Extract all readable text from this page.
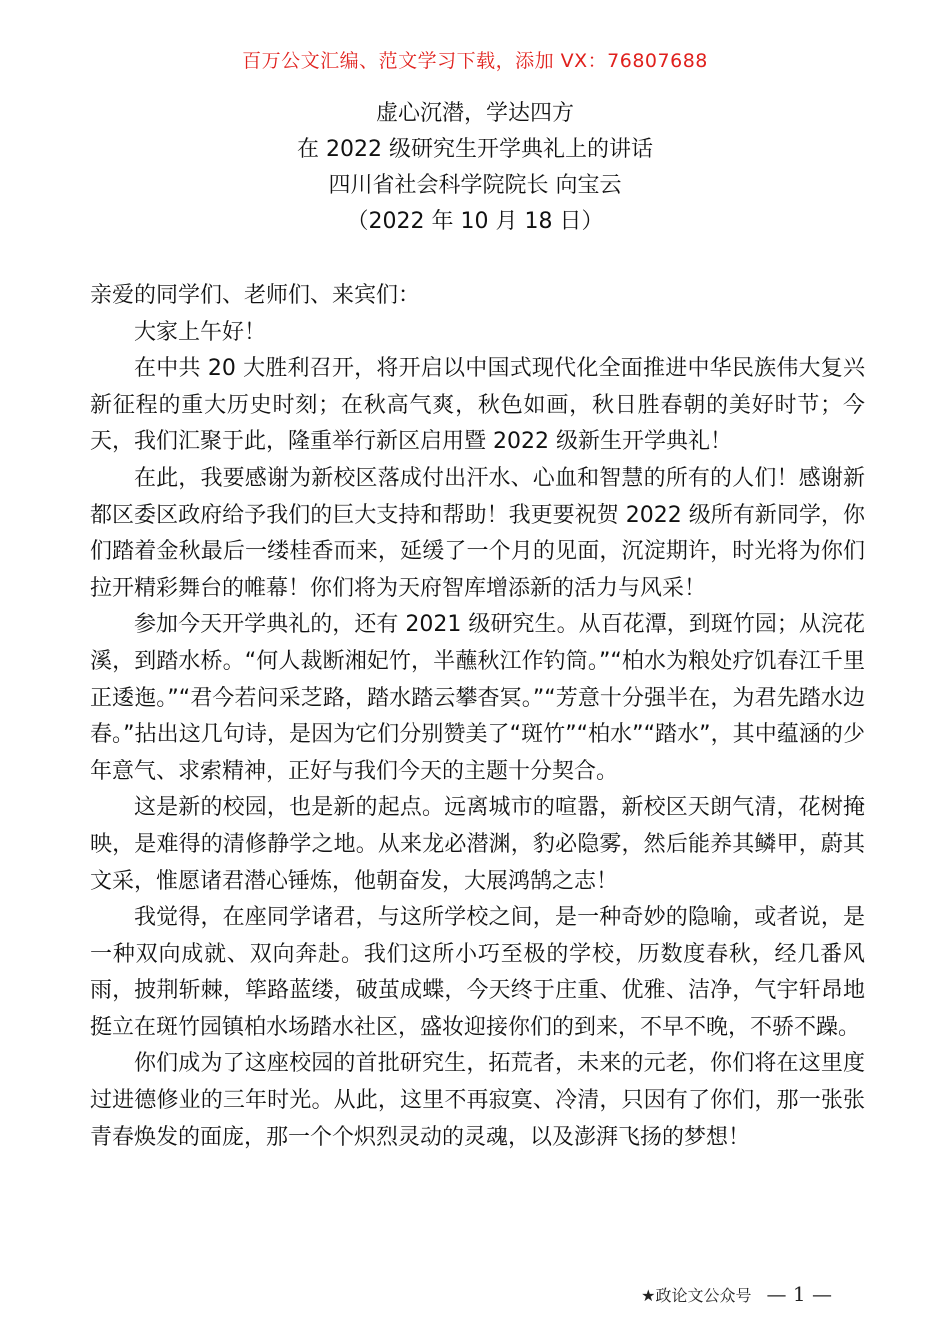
百万公文汇编、范文学习下载，添加 VX：76807688
虚心沉潜，学达四方
在 2022 级研究生开学典礼上的讲话
四川省社会科学院院长 向宝云
（2022 年 10 月 18 日）

亲爱的同学们、老师们、来宾们：

大家上午好！

在中共 20 大胜利召开，将开启以中国式现代化全面推进中华民族伟大复兴新征程的重大历史时刻；在秋高气爽，秋色如画，秋日胜春朝的美好时节；今天，我们汇聚于此，隆重举行新区启用暨 2022 级新生开学典礼！

在此，我要感谢为新校区落成付出汗水、心血和智慧的所有的人们！感谢新都区委区政府给予我们的巨大支持和帮助！我更要祝贺 2022 级所有新同学，你们踏着金秋最后一缕桂香而来，延缓了一个月的见面，沉淀期许，时光将为你们拉开精彩舞台的帷幕！你们将为天府智库增添新的活力与风采！

参加今天开学典礼的，还有 2021 级研究生。从百花潭，到斑竹园；从浣花溪，到踏水桥。“何人裁断湘妃竹，半蘸秋江作钓筒。”“柏水为粮处疗饥春江千里正逶迤。”“君今若问采芝路，踏水踏云攀杳冥。”“芳意十分强半在，为君先踏水边春。”拈出这几句诗，是因为它们分别赞美了“斑竹”“柏水”“踏水”，其中蕴涵的少年意气、求索精神，正好与我们今天的主题十分契合。

这是新的校园，也是新的起点。远离城市的喧嚣，新校区天朗气清，花树掩映，是难得的清修静学之地。从来龙必潜渊，豹必隐雾，然后能养其鳞甲，蔚其文采，惟愿诸君潜心锤炼，他朝奋发，大展鸿鹄之志！

我觉得，在座同学诸君，与这所学校之间，是一种奇妙的隐喻，或者说，是一种双向成就、双向奔赴。我们这所小巧至极的学校，历数度春秋，经几番风雨，披荆斩棘，筚路蓝缕，破茧成蝶，今天终于庄重、优雅、洁净，气宇轩昂地挺立在斑竹园镇柏水场踏水社区，盛妆迎接你们的到来，不早不晚，不骄不躁。

你们成为了这座校园的首批研究生，拓荒者，未来的元老，你们将在这里度过进德修业的三年时光。从此，这里不再寂寞、冷清，只因有了你们，那一张张青春焕发的面庞，那一个个炽烈灵动的灵魂，以及澎湃飞扬的梦想！

★政论文公众号 — 1 —
